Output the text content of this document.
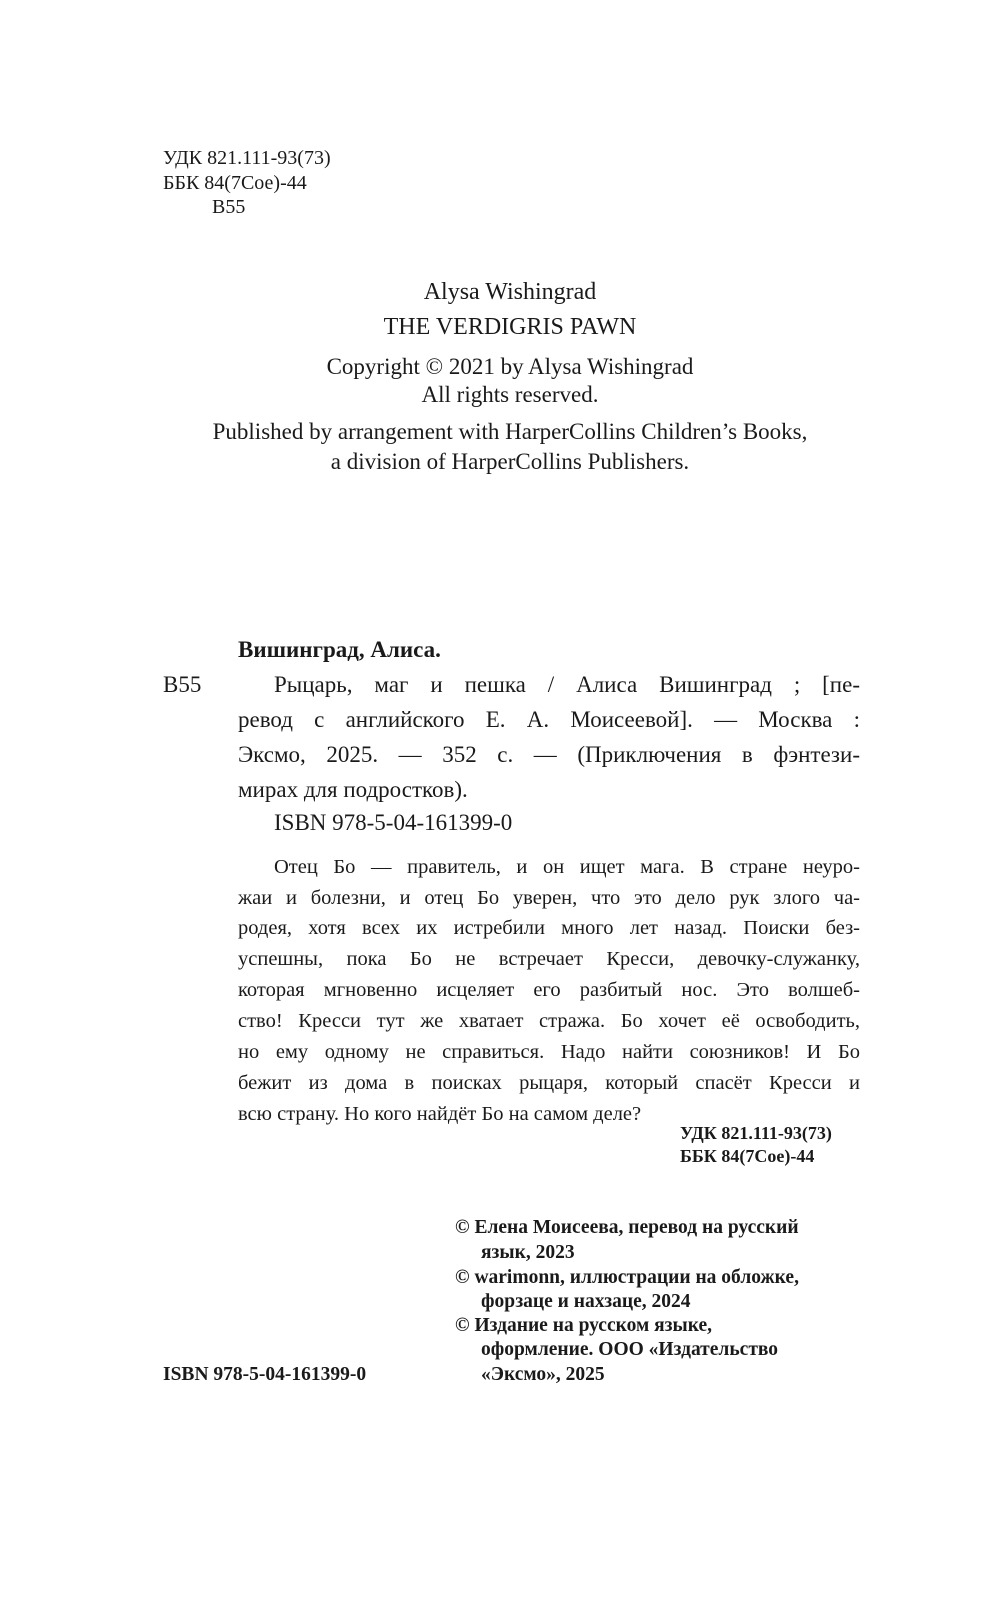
УДК 821.111-93(73)
ББК 84(7Сое)-44
В55
Alysa Wishingrad
THE VERDIGRIS PAWN
Copyright © 2021 by Alysa Wishingrad
All rights reserved.
Published by arrangement with HarperCollins Children’s Books,
a division of HarperCollins Publishers.
Вишинград, Алиса.
В55	Рыцарь, маг и пешка / Алиса Вишинград ; [пе-
ревод с английского Е. А. Моисеевой]. — Москва :
Эксмо, 2025. — 352 с. — (Приключения в фэнтези-
мирах для подростков).
ISBN 978-5-04-161399-0
Отец Бо — правитель, и он ищет мага. В стране неуро-
жаи и болезни, и отец Бо уверен, что это дело рук злого ча-
родея, хотя всех их истребили много лет назад. Поиски без-
успешны, пока Бо не встречает Кресси, девочку-служанку,
которая мгновенно исцеляет его разбитый нос. Это волшеб-
ство! Кресси тут же хватает стража. Бо хочет её освободить,
но ему одному не справиться. Надо найти союзников! И Бо
бежит из дома в поисках рыцаря, который спасёт Кресси и
всю страну. Но кого найдёт Бо на самом деле?
УДК 821.111-93(73)
ББК 84(7Сое)-44
© Елена Моисеева, перевод на русский
язык, 2023
© warimonn, иллюстрации на обложке,
форзаце и нахзаце, 2024
© Издание на русском языке,
оформление. ООО «Издательство
«Эксмо», 2025
ISBN 978-5-04-161399-0
